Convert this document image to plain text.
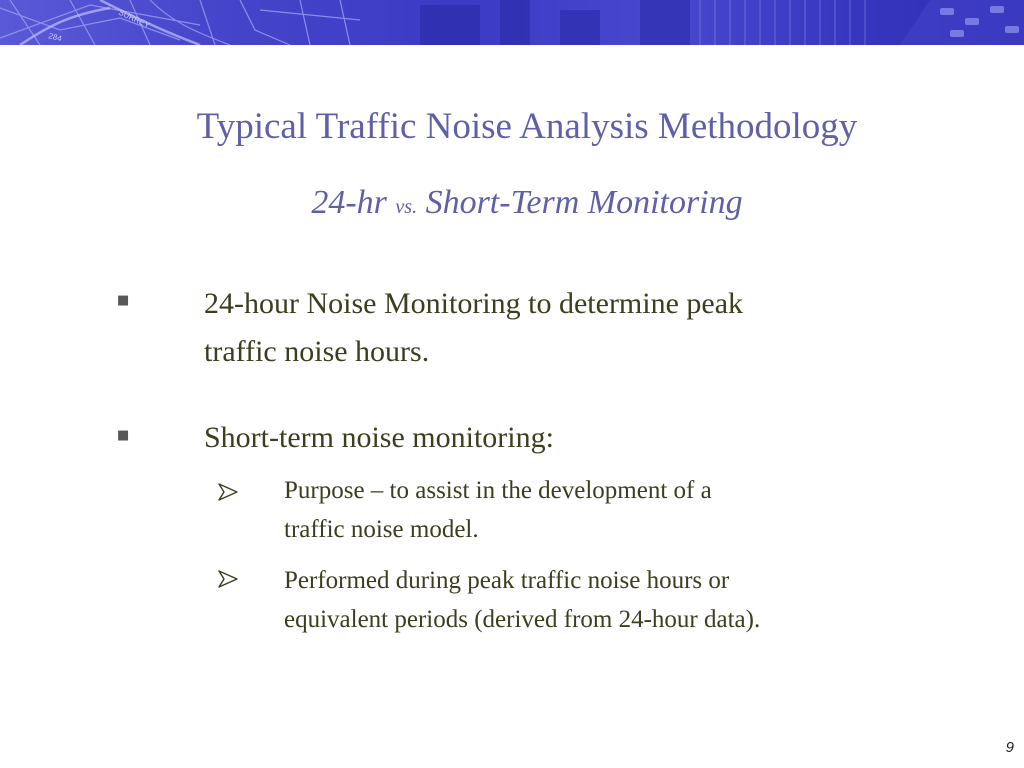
SURREY
284
Typical Traffic Noise Analysis Methodology
24-hr vs. Short-Term Monitoring
■ 24-hour Noise Monitoring to determine peak
traffic noise hours.
■ Short-term noise monitoring:
Purpose – to assist in the development of a
traffic noise model.
Performed during peak traffic noise hours or
equivalent periods (derived from 24-hour data).
9
